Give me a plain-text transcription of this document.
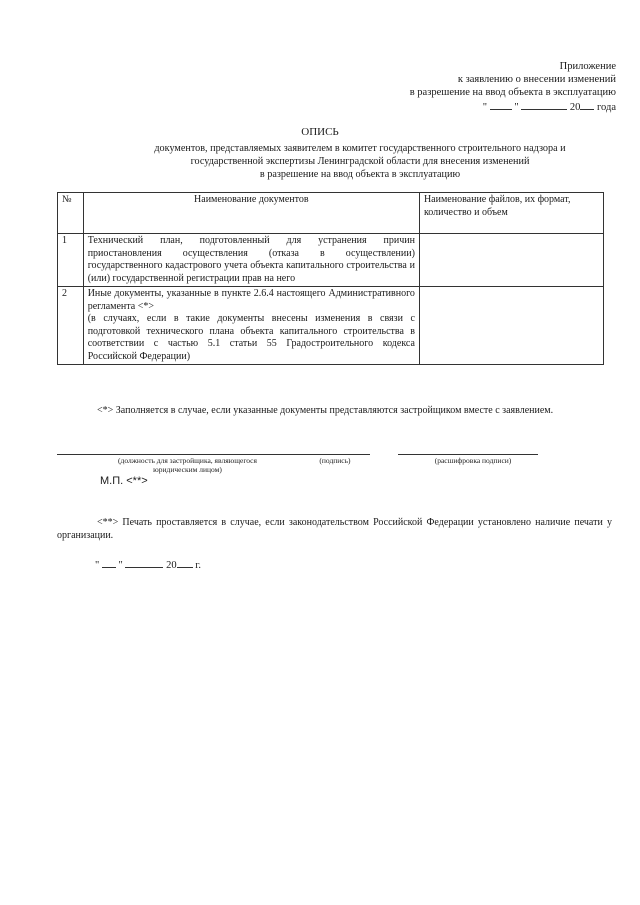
Приложение
к заявлению о внесении изменений
в разрешение на ввод объекта в эксплуатацию
"	"	20 года
ОПИСЬ
документов, представляемых заявителем в комитет государственного строительного надзора и
государственной экспертизы Ленинградской области для внесения изменений
в разрешение на ввод объекта в эксплуатацию
№	Наименование документов	Наименование файлов, их формат, количество и объем
1	Технический план, подготовленный для устранения причин приостановления осуществления (отказа в осуществлении) государственного кадастрового учета объекта капитального строительства и (или) государственной регистрации прав на него	
2	Иные документы, указанные в пункте 2.6.4 настоящего Административного регламента <*>
(в случаях, если в такие документы внесены изменения в связи с подготовкой технического плана объекта капитального строительства в соответствии с частью 5.1 статьи 55 Градостроительного кодекса Российской Федерации)	

<*> Заполняется в случае, если указанные документы представляются застройщиком вместе с заявлением.
(должность для застройщика, являющегося юридическим лицом)
(подпись)	(расшифровка подписи)
М.П. <**>
<**> Печать проставляется в случае, если законодательством Российской Федерации установлено наличие печати у организации.
" "	20 г.
